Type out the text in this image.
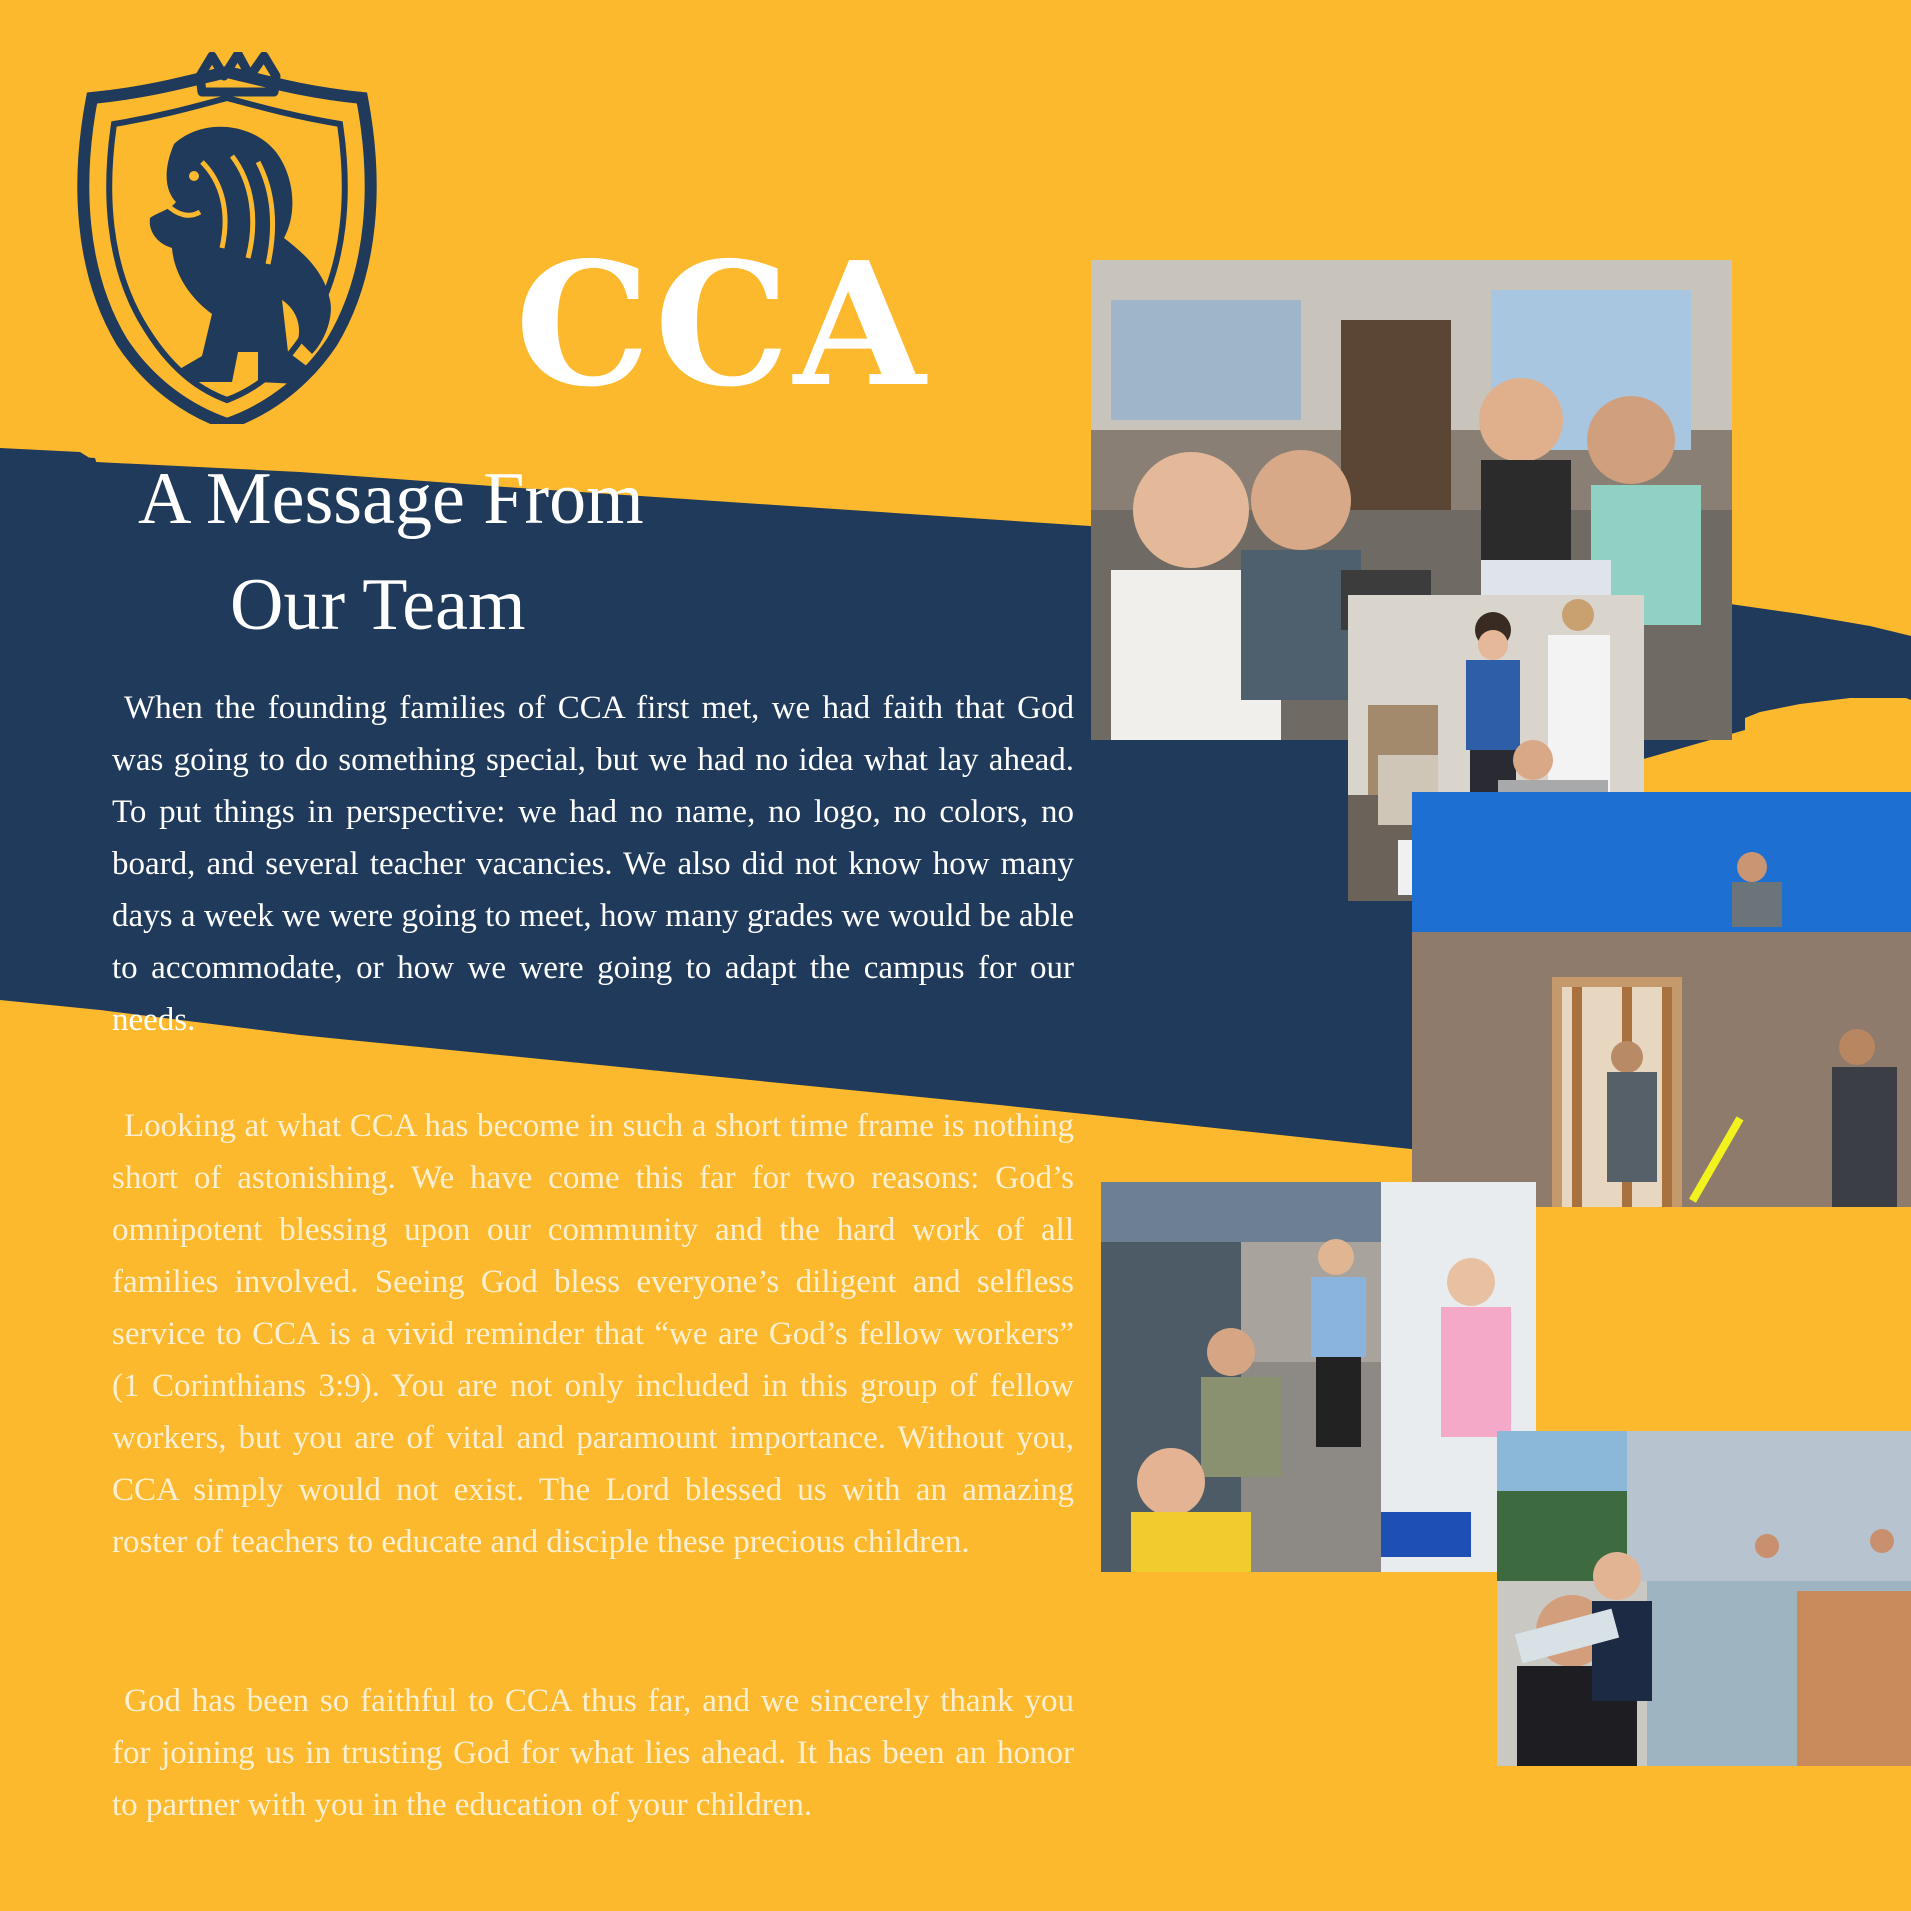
CCA
A Message From
Our Team

When the founding families of CCA first met, we had faith that God was going to do something special, but we had no idea what lay ahead. To put things in perspective: we had no name, no logo, no colors, no board, and several teacher vacancies. We also did not know how many days a week we were going to meet, how many grades we would be able to accommodate, or how we were going to adapt the campus for our needs.

Looking at what CCA has become in such a short time frame is nothing short of astonishing. We have come this far for two reasons: God’s omnipotent blessing upon our community and the hard work of all families involved. Seeing God bless everyone’s diligent and selfless service to CCA is a vivid reminder that “we are God’s fellow workers” (1 Corinthians 3:9). You are not only included in this group of fellow workers, but you are of vital and paramount importance. Without you, CCA simply would not exist. The Lord blessed us with an amazing roster of teachers to educate and disciple these precious children.

God has been so faithful to CCA thus far, and we sincerely thank you for joining us in trusting God for what lies ahead. It has been an honor to partner with you in the education of your children.
